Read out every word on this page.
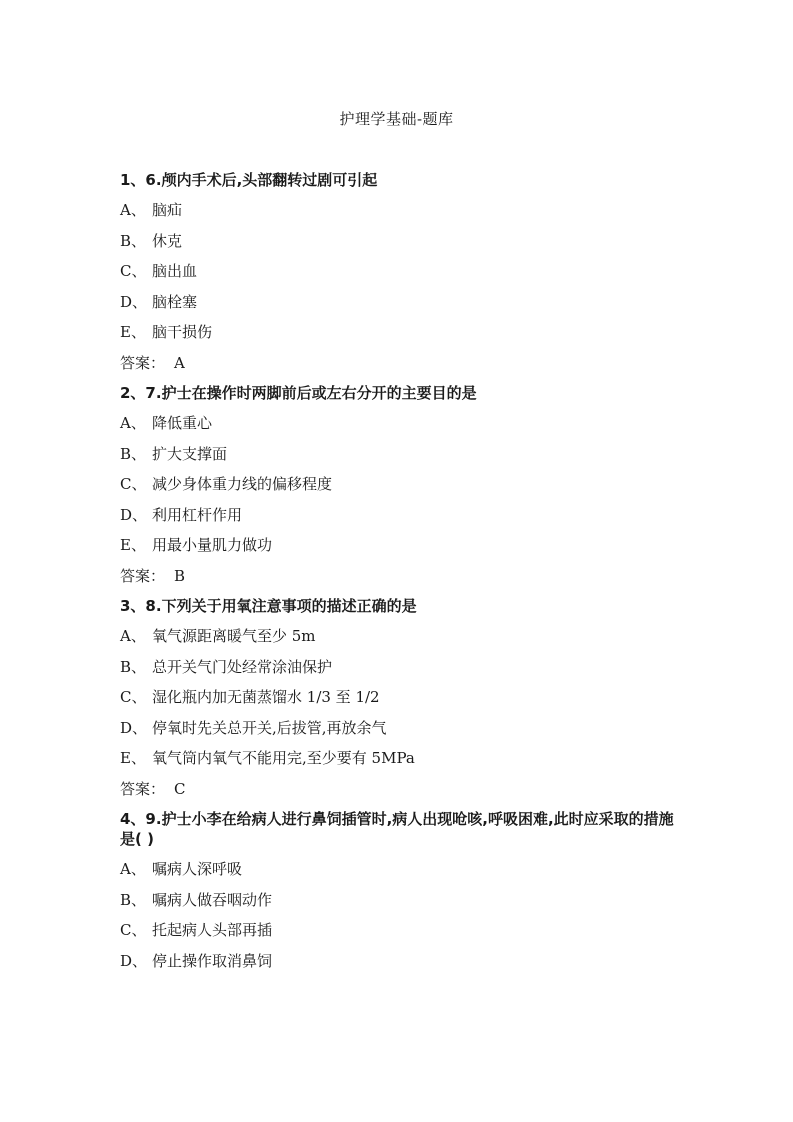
护理学基础-题库
1、6.颅内手术后,头部翻转过剧可引起
A、 脑疝
B、 休克
C、 脑出血
D、 脑栓塞
E、 脑干损伤
答案： A
2、7.护士在操作时两脚前后或左右分开的主要目的是
A、 降低重心
B、 扩大支撑面
C、 减少身体重力线的偏移程度
D、 利用杠杆作用
E、 用最小量肌力做功
答案： B
3、8.下列关于用氧注意事项的描述正确的是
A、 氧气源距离暖气至少 5m
B、 总开关气门处经常涂油保护
C、 湿化瓶内加无菌蒸馏水 1/3 至 1/2
D、 停氧时先关总开关,后拔管,再放余气
E、 氧气筒内氧气不能用完,至少要有 5MPa
答案： C
4、9.护士小李在给病人进行鼻饲插管时,病人出现呛咳,呼吸困难,此时应采取的措施是( )
A、 嘱病人深呼吸
B、 嘱病人做吞咽动作
C、 托起病人头部再插
D、 停止操作取消鼻饲
